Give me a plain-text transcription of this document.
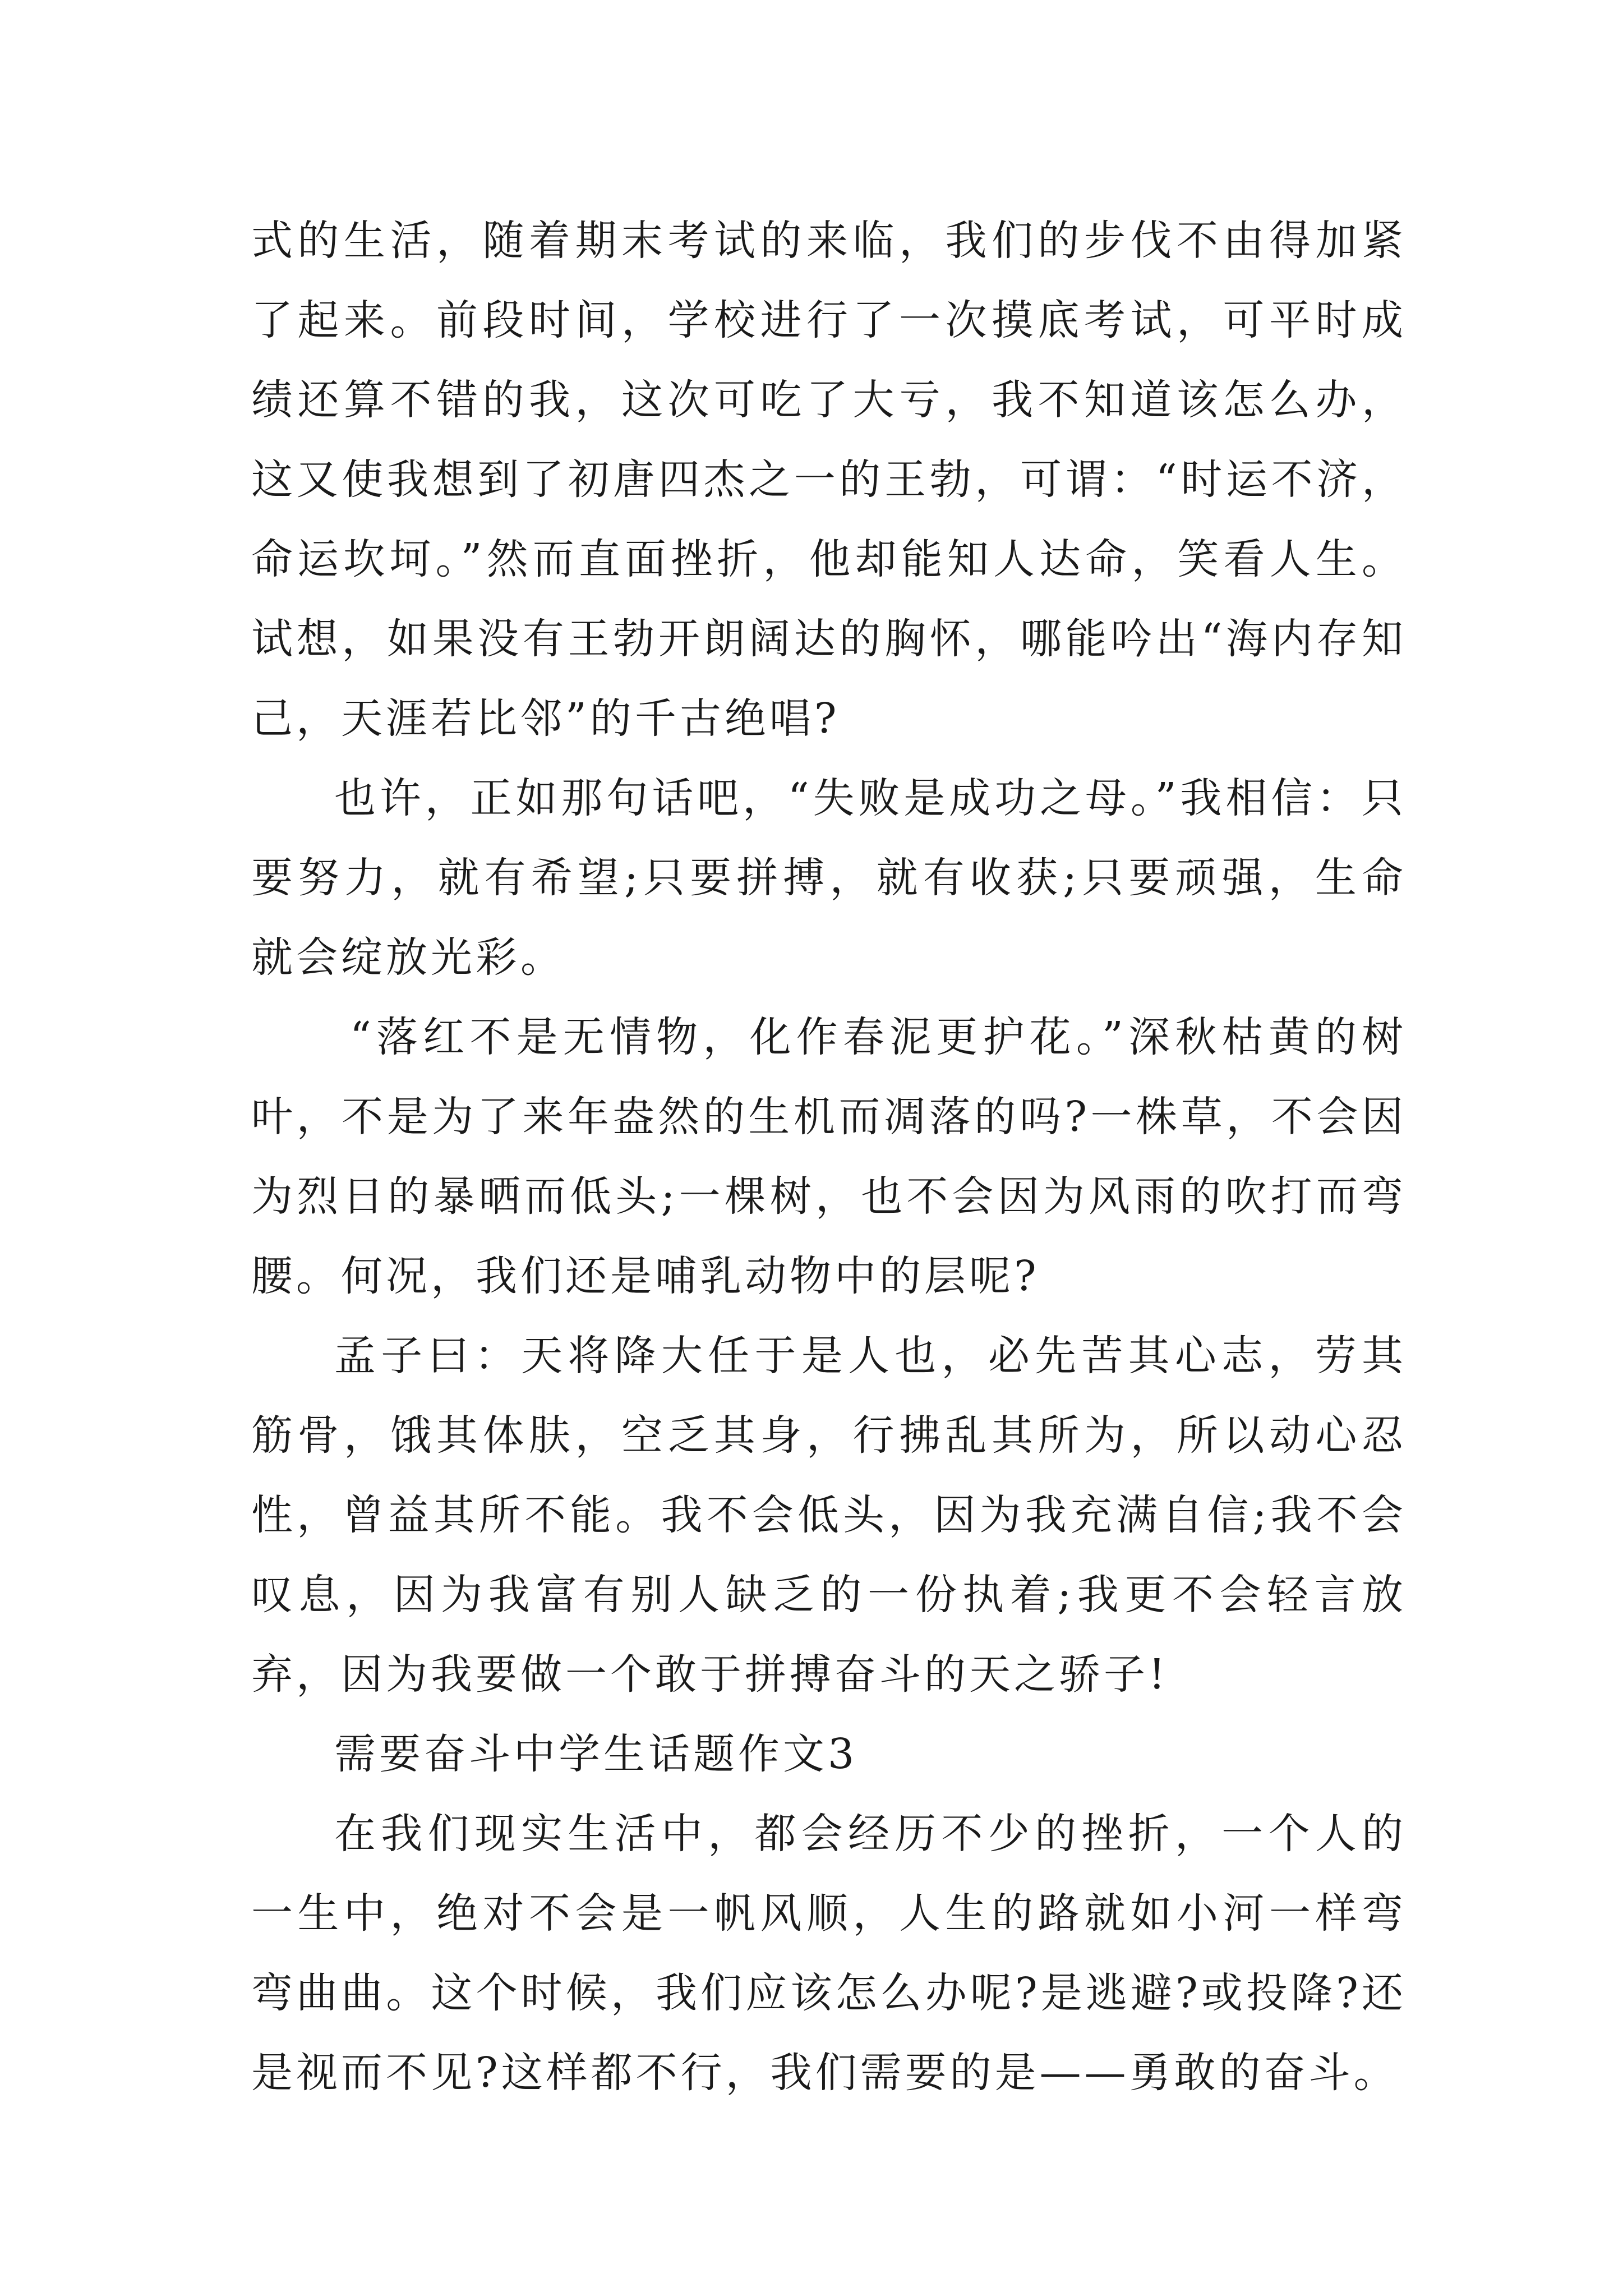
式的生活，随着期末考试的来临，我们的步伐不由得加紧了起来。前段时间，学校进行了一次摸底考试，可平时成绩还算不错的我，这次可吃了大亏，我不知道该怎么办，这又使我想到了初唐四杰之一的王勃，可谓：“时运不济，命运坎坷。”然而直面挫折，他却能知人达命，笑看人生。试想，如果没有王勃开朗阔达的胸怀，哪能吟出“海内存知己，天涯若比邻”的千古绝唱?

也许，正如那句话吧，“失败是成功之母。”我相信：只要努力，就有希望;只要拼搏，就有收获;只要顽强，生命就会绽放光彩。

“落红不是无情物，化作春泥更护花。”深秋枯黄的树叶，不是为了来年盎然的生机而凋落的吗?一株草，不会因为烈日的暴晒而低头;一棵树，也不会因为风雨的吹打而弯腰。何况，我们还是哺乳动物中的层呢?

孟子曰：天将降大任于是人也，必先苦其心志，劳其筋骨，饿其体肤，空乏其身，行拂乱其所为，所以动心忍性，曾益其所不能。我不会低头，因为我充满自信;我不会叹息，因为我富有别人缺乏的一份执着;我更不会轻言放弃，因为我要做一个敢于拼搏奋斗的天之骄子!

需要奋斗中学生话题作文3

在我们现实生活中，都会经历不少的挫折，一个人的一生中，绝对不会是一帆风顺，人生的路就如小河一样弯弯曲曲。这个时候，我们应该怎么办呢?是逃避?或投降?还是视而不见?这样都不行，我们需要的是——勇敢的奋斗。
